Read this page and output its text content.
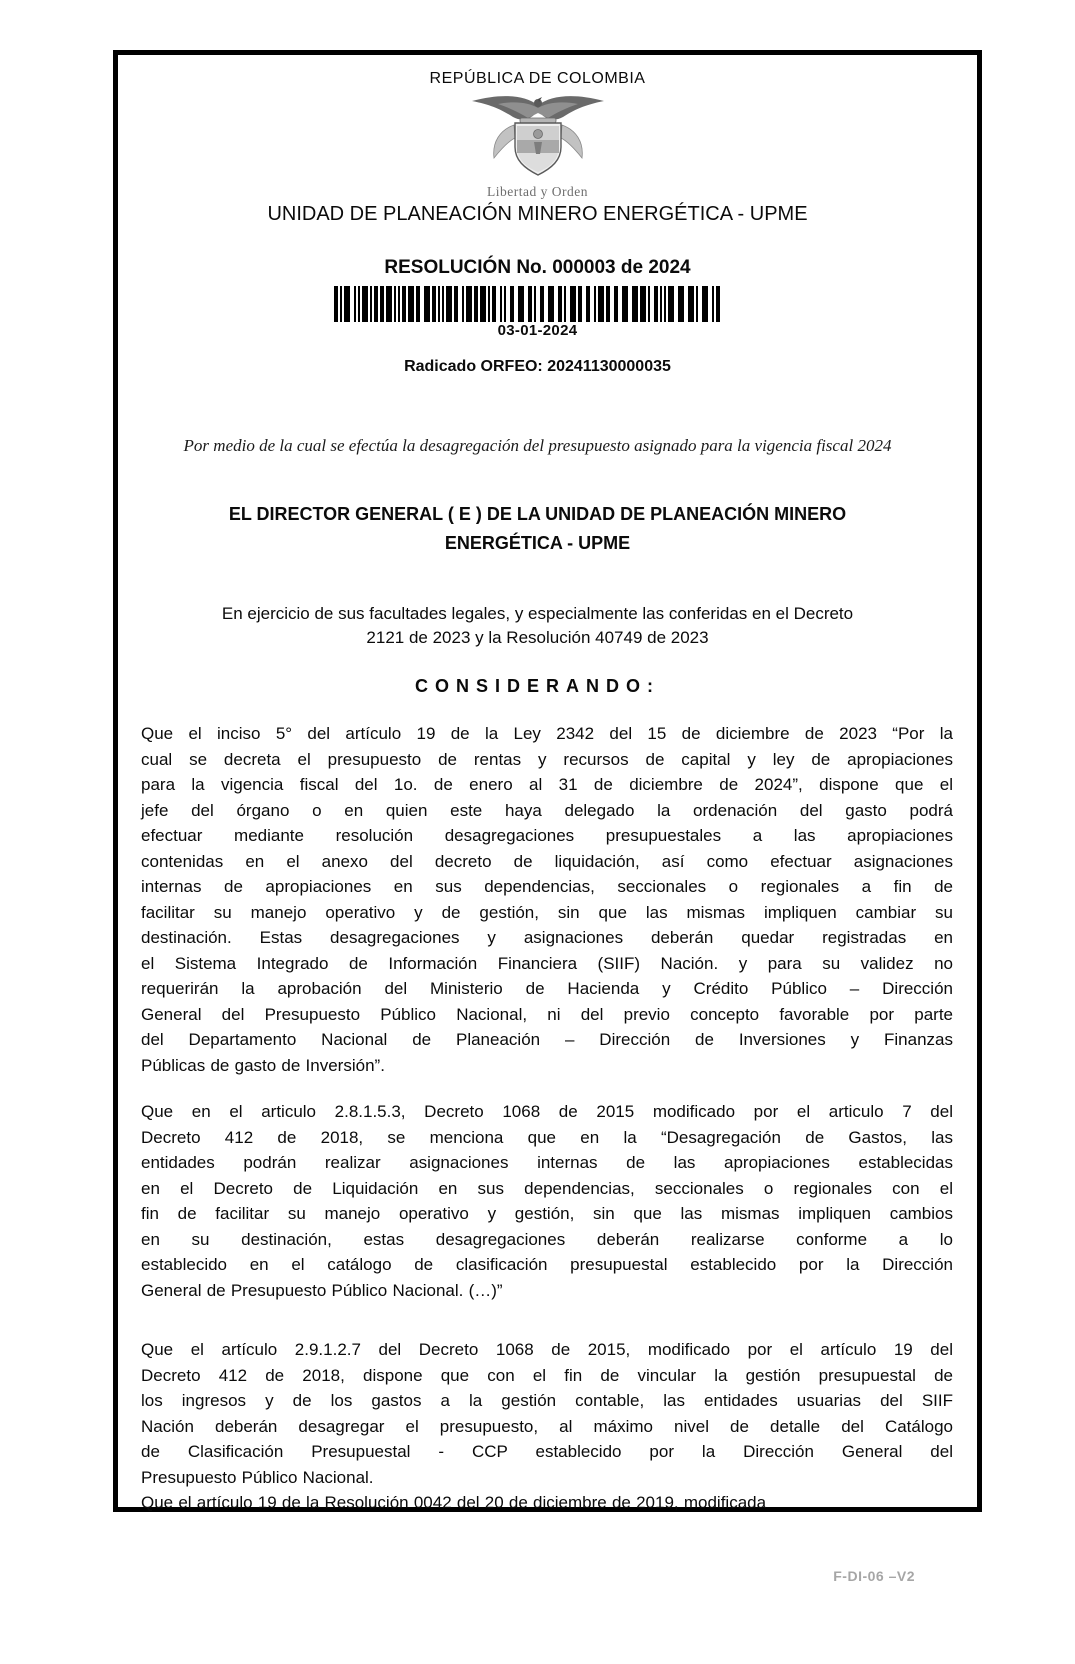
REPÚBLICA DE COLOMBIA
Libertad y Orden
UNIDAD DE PLANEACIÓN MINERO ENERGÉTICA - UPME
RESOLUCIÓN No. 000003 de 2024
03-01-2024
Radicado ORFEO: 20241130000035
Por medio de la cual se efectúa la desagregación del presupuesto asignado para la vigencia fiscal 2024
EL DIRECTOR GENERAL ( E ) DE LA UNIDAD DE PLANEACIÓN MINERO
ENERGÉTICA - UPME
En ejercicio de sus facultades legales, y especialmente las conferidas en el Decreto
2121 de 2023 y la Resolución 40749 de 2023
CONSIDERANDO:
Que el inciso 5° del artículo 19 de la Ley 2342 del 15 de diciembre de 2023 “Por la
cual se decreta el presupuesto de rentas y recursos de capital y ley de apropiaciones
para la vigencia fiscal del 1o. de enero al 31 de diciembre de 2024”, dispone que el
jefe del órgano o en quien este haya delegado la ordenación del gasto podrá
efectuar mediante resolución desagregaciones presupuestales a las apropiaciones
contenidas en el anexo del decreto de liquidación, así como efectuar asignaciones
internas de apropiaciones en sus dependencias, seccionales o regionales a fin de
facilitar su manejo operativo y de gestión, sin que las mismas impliquen cambiar su
destinación. Estas desagregaciones y asignaciones deberán quedar registradas en
el Sistema Integrado de Información Financiera (SIIF) Nación. y para su validez no
requerirán la aprobación del Ministerio de Hacienda y Crédito Público – Dirección
General del Presupuesto Público Nacional, ni del previo concepto favorable por parte
del Departamento Nacional de Planeación – Dirección de Inversiones y Finanzas
Públicas de gasto de Inversión”.
Que en el articulo 2.8.1.5.3, Decreto 1068 de 2015 modificado por el articulo 7 del
Decreto 412 de 2018, se menciona que en la “Desagregación de Gastos, las
entidades podrán realizar asignaciones internas de las apropiaciones establecidas
en el Decreto de Liquidación en sus dependencias, seccionales o regionales con el
fin de facilitar su manejo operativo y gestión, sin que las mismas impliquen cambios
en su destinación, estas desagregaciones deberán realizarse conforme a lo
establecido en el catálogo de clasificación presupuestal establecido por la Dirección
General de Presupuesto Público Nacional. (…)”
Que el artículo 2.9.1.2.7 del Decreto 1068 de 2015, modificado por el artículo 19 del
Decreto 412 de 2018, dispone que con el fin de vincular la gestión presupuestal de
los ingresos y de los gastos a la gestión contable, las entidades usuarias del SIIF
Nación deberán desagregar el presupuesto, al máximo nivel de detalle del Catálogo
de Clasificación Presupuestal - CCP establecido por la Dirección General del
Presupuesto Público Nacional.
Que el artículo 19 de la Resolución 0042 del 20 de diciembre de 2019, modificada
F-DI-06 –V2
